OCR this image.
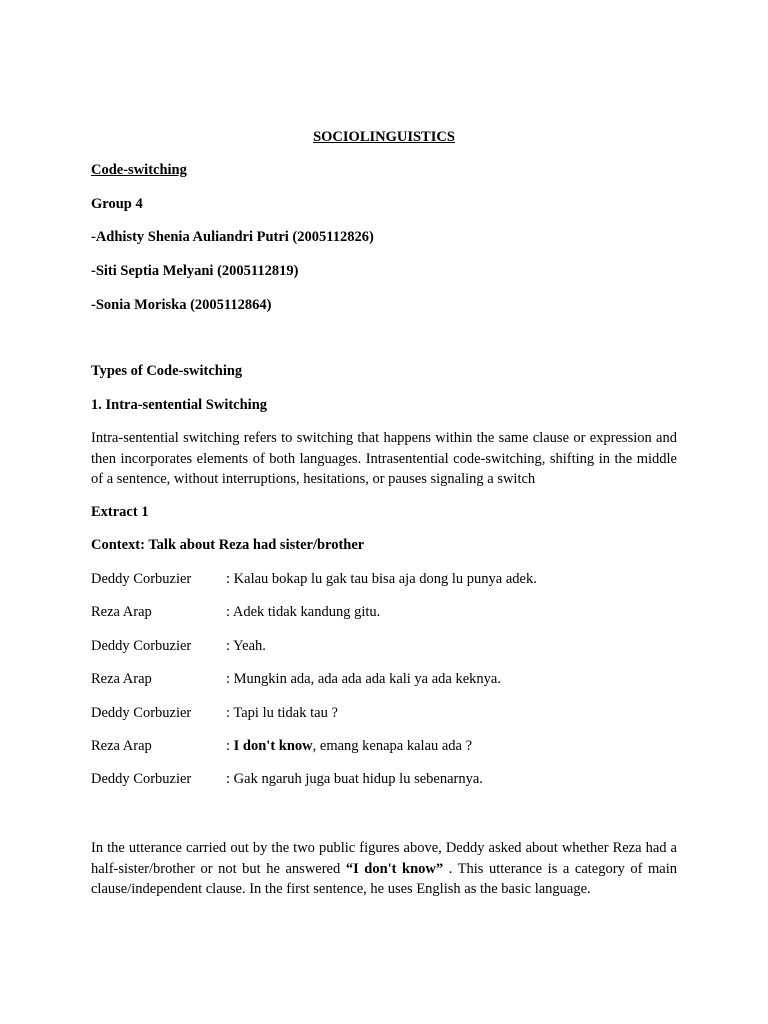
SOCIOLINGUISTICS
Code-switching
Group 4
-Adhisty Shenia Auliandri Putri (2005112826)
-Siti Septia Melyani (2005112819)
-Sonia Moriska (2005112864)
Types of Code-switching
1. Intra-sentential Switching
Intra-sentential switching refers to switching that happens within the same clause or expression and then incorporates elements of both languages. Intrasentential code-switching, shifting in the middle of a sentence, without interruptions, hesitations, or pauses signaling a switch
Extract 1
Context: Talk about Reza had sister/brother
Deddy Corbuzier : Kalau bokap lu gak tau bisa aja dong lu punya adek.
Reza Arap	: Adek tidak kandung gitu.
Deddy Corbuzier : Yeah.
Reza Arap	: Mungkin ada, ada ada ada kali ya ada keknya.
Deddy Corbuzier : Tapi lu tidak tau ?
Reza Arap	: I don't know, emang kenapa kalau ada ?
Deddy Corbuzier : Gak ngaruh juga buat hidup lu sebenarnya.
In the utterance carried out by the two public figures above, Deddy asked about whether Reza had a half-sister/brother or not but he answered “I don't know” . This utterance is a category of main clause/independent clause. In the first sentence, he uses English as the basic language.
